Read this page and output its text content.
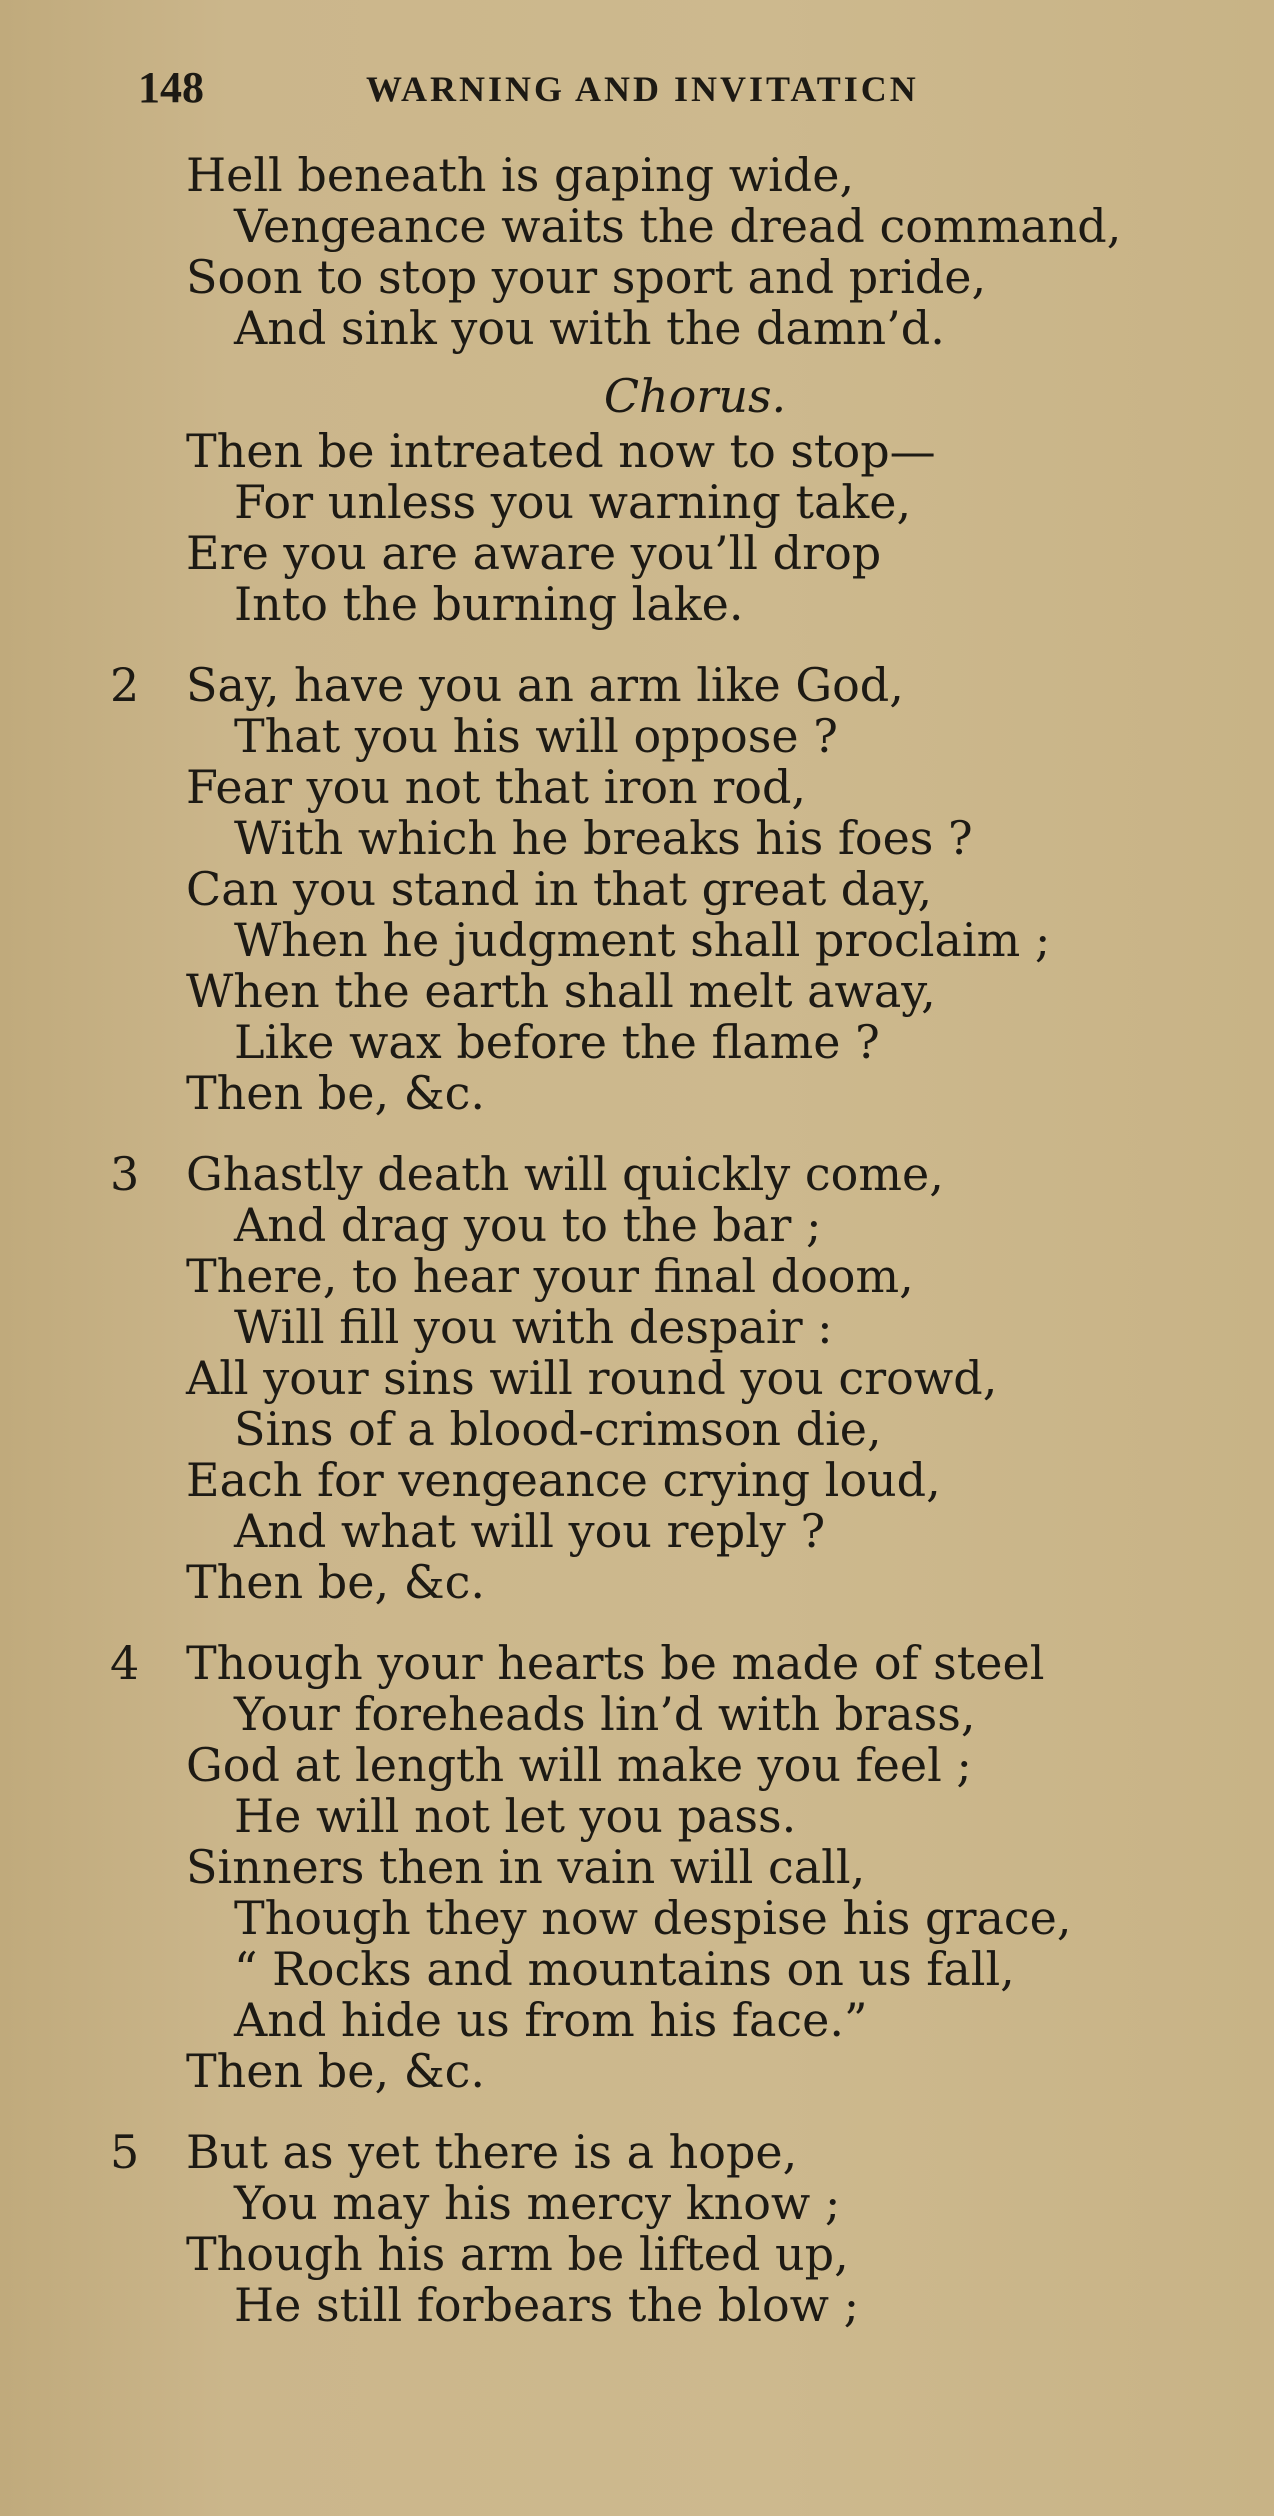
148	WARNING AND INVITATICN
Hell beneath is gaping wide,
Vengeance waits the dread command,
Soon to stop your sport and pride,
And sink you with the damn’d.
Chorus.
Then be intreated now to stop—
For unless you warning take,
Ere you are aware you’ll drop
Into the burning lake.
2 Say, have you an arm like God,
That you his will oppose ?
Fear you not that iron rod,
With which he breaks his foes ?
Can you stand in that great day,
When he judgment shall proclaim ;
When the earth shall melt away,
Like wax before the flame ?
Then be, &c.
3 Ghastly death will quickly come,
And drag you to the bar ;
There, to hear your final doom,
Will fill you with despair :
All your sins will round you crowd,
Sins of a blood-crimson die,
Each for vengeance crying loud,
And what will you reply ?
Then be, &c.
4 Though your hearts be made of steel
Your foreheads lin’d with brass,
God at length will make you feel ;
He will not let you pass.
Sinners then in vain will call,
Though they now despise his grace,
“ Rocks and mountains on us fall,
And hide us from his face.”
Then be, &c.
5 But as yet there is a hope,
You may his mercy know ;
Though his arm be lifted up,
He still forbears the blow ;
